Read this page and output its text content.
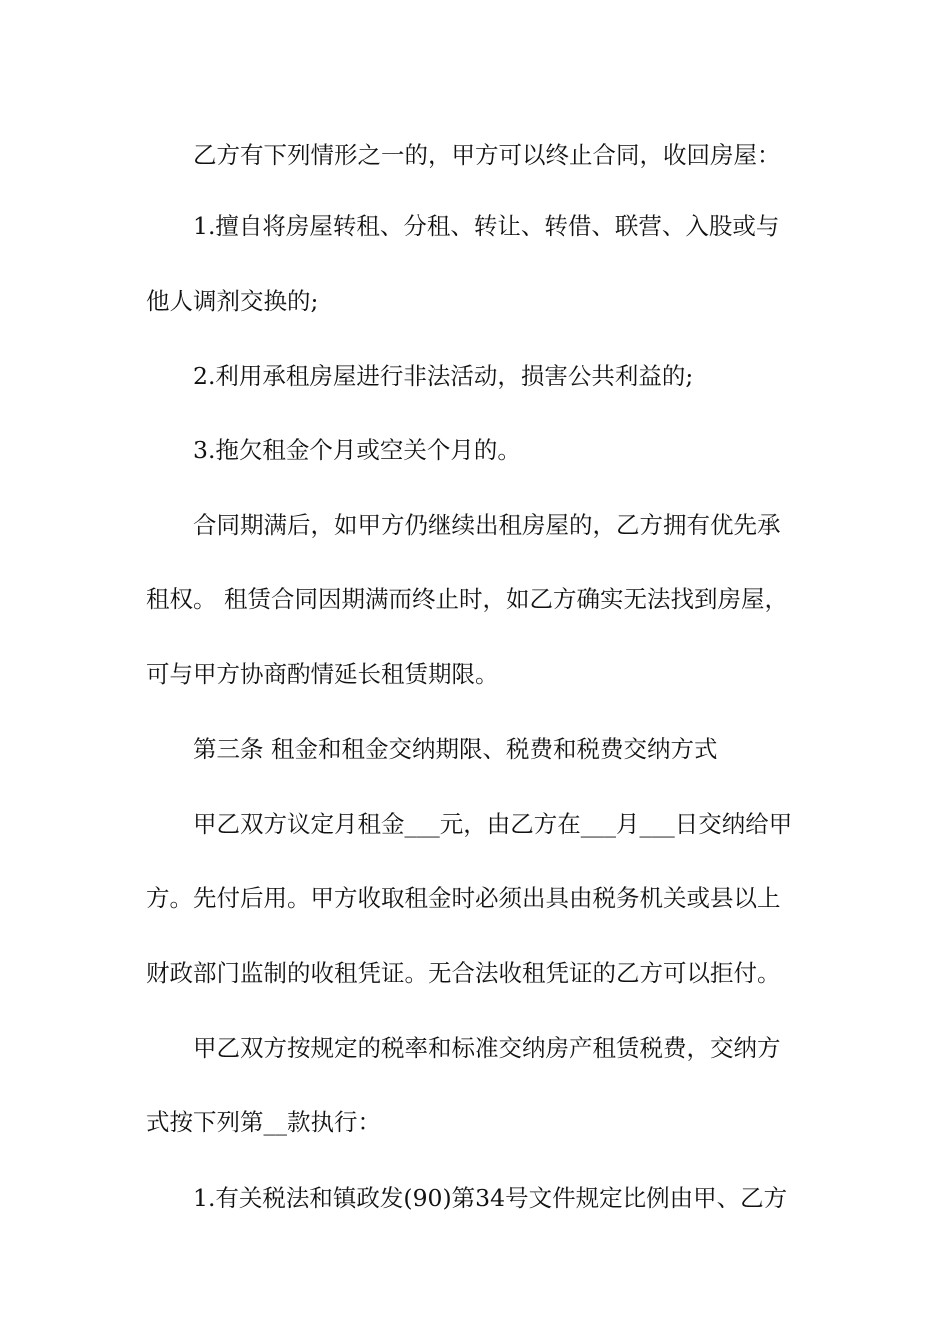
乙方有下列情形之一的，甲方可以终止合同，收回房屋：
1.擅自将房屋转租、分租、转让、转借、联营、入股或与
他人调剂交换的;
2.利用承租房屋进行非法活动，损害公共利益的;
3.拖欠租金个月或空关个月的。
合同期满后，如甲方仍继续出租房屋的，乙方拥有优先承
租权。 租赁合同因期满而终止时，如乙方确实无法找到房屋，
可与甲方协商酌情延长租赁期限。
第三条 租金和租金交纳期限、税费和税费交纳方式
甲乙双方议定月租金___元，由乙方在___月___日交纳给甲
方。先付后用。甲方收取租金时必须出具由税务机关或县以上
财政部门监制的收租凭证。无合法收租凭证的乙方可以拒付。
甲乙双方按规定的税率和标准交纳房产租赁税费，交纳方
式按下列第__款执行：
1.有关税法和镇政发(90)第34号文件规定比例由甲、乙方
